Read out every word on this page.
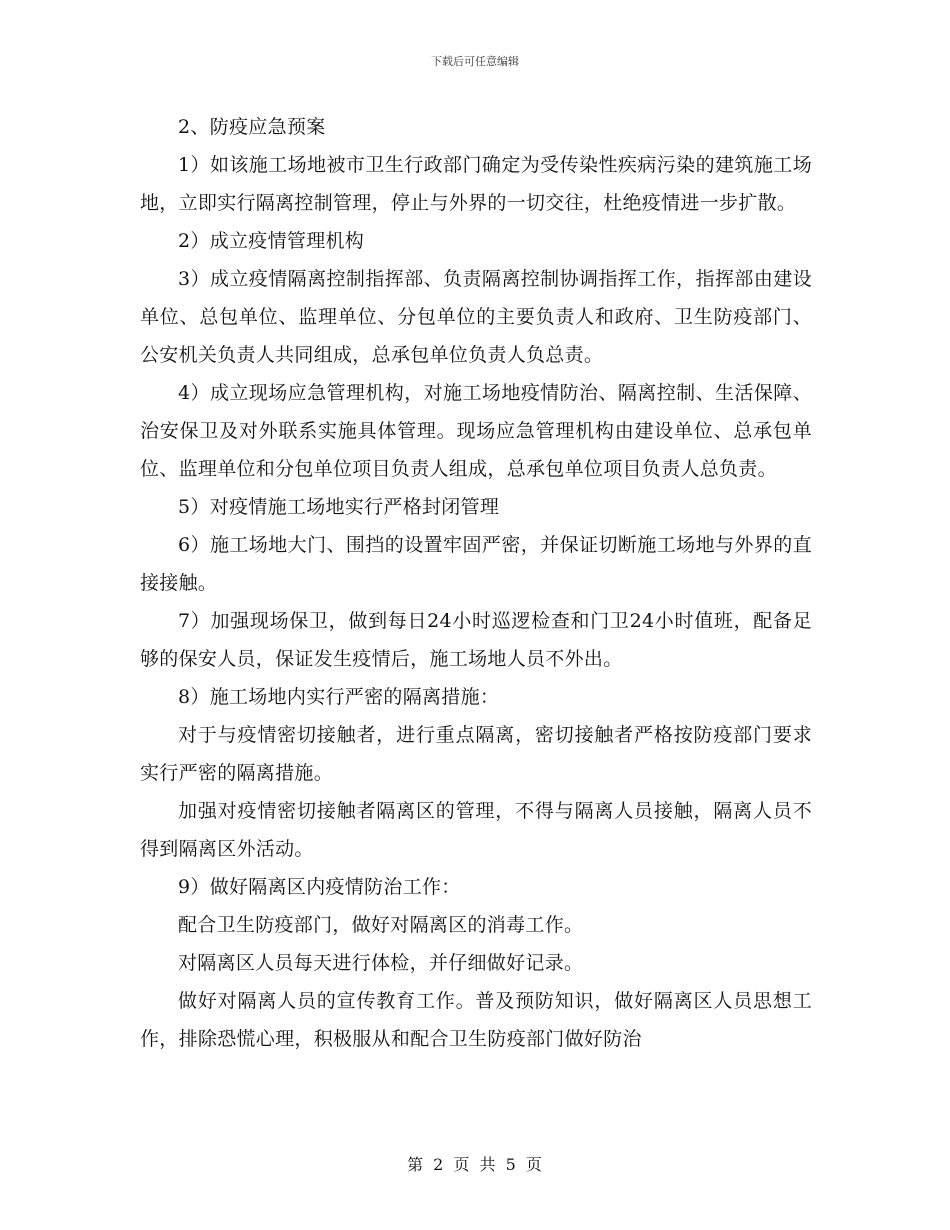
下载后可任意编辑

2、防疫应急预案

1）如该施工场地被市卫生行政部门确定为受传染性疾病污染的建筑施工场地，立即实行隔离控制管理，停止与外界的一切交往，杜绝疫情进一步扩散。

2）成立疫情管理机构

3）成立疫情隔离控制指挥部、负责隔离控制协调指挥工作，指挥部由建设单位、总包单位、监理单位、分包单位的主要负责人和政府、卫生防疫部门、公安机关负责人共同组成，总承包单位负责人负总责。

4）成立现场应急管理机构，对施工场地疫情防治、隔离控制、生活保障、治安保卫及对外联系实施具体管理。现场应急管理机构由建设单位、总承包单位、监理单位和分包单位项目负责人组成，总承包单位项目负责人总负责。

5）对疫情施工场地实行严格封闭管理

6）施工场地大门、围挡的设置牢固严密，并保证切断施工场地与外界的直接接触。

7）加强现场保卫，做到每日24小时巡逻检查和门卫24小时值班，配备足够的保安人员，保证发生疫情后，施工场地人员不外出。

8）施工场地内实行严密的隔离措施：

对于与疫情密切接触者，进行重点隔离，密切接触者严格按防疫部门要求实行严密的隔离措施。

加强对疫情密切接触者隔离区的管理，不得与隔离人员接触，隔离人员不得到隔离区外活动。

9）做好隔离区内疫情防治工作：

配合卫生防疫部门，做好对隔离区的消毒工作。

对隔离区人员每天进行体检，并仔细做好记录。

做好对隔离人员的宣传教育工作。普及预防知识，做好隔离区人员思想工作，排除恐慌心理，积极服从和配合卫生防疫部门做好防治

第 2 页 共 5 页
